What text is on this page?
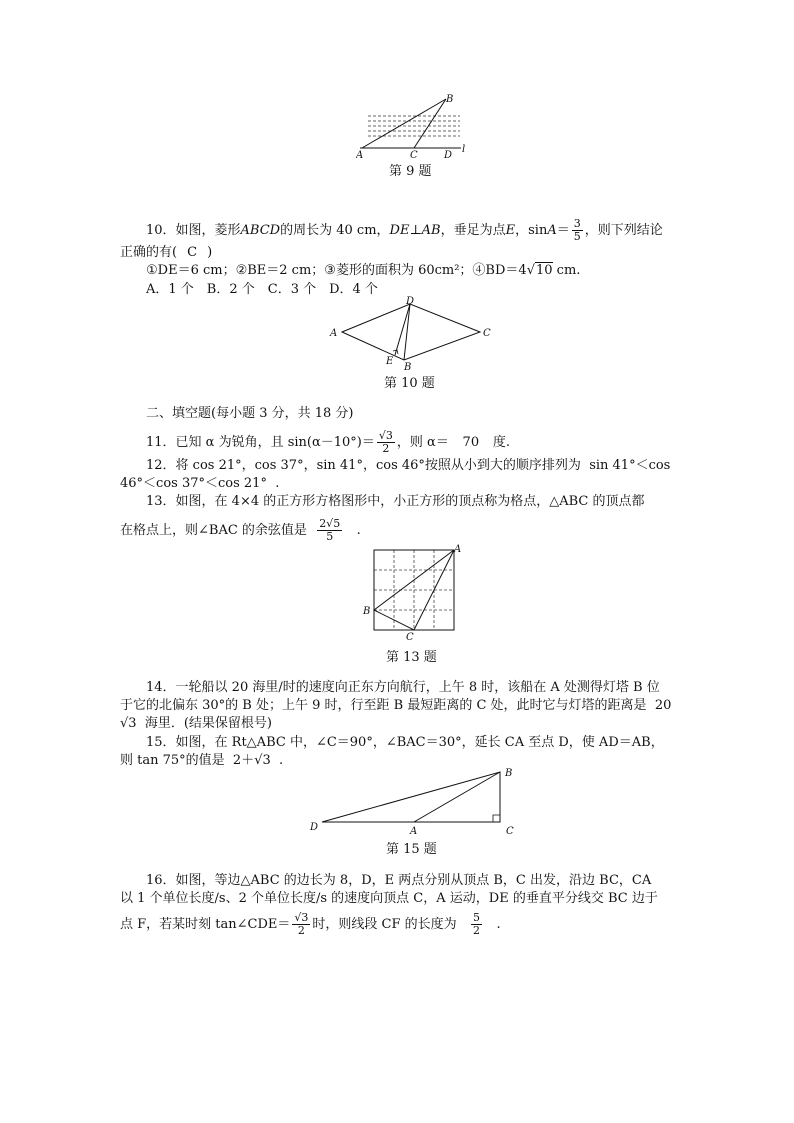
A
B
C	D
l
第 9 题
10．如图，菱形ABCD的周长为 40 cm，DE⊥AB，垂足为点E，$\sin A= \frac{3}{5}$ ，则下列结论
正确的有( C )
①DE＝6 cm；②BE＝2 cm；③菱形的面积为 60cm²；④BD＝4√10 cm.
A．1 个　B．2 个　C．3 个　D．4 个
A
D
C
E
B
第 10 题
二、填空题(每小题 3 分，共 18 分)
11．已知 α 为锐角，且 $\sin(\alpha-10^\circ)= \frac{√3}{2}$ ，则 α＝ 70 度.
12．将 cos 21°，cos 37°，sin 41°，cos 46°按照从小到大的顺序排列为 sin 41°＜cos
46°＜cos 37°＜cos 21° .
13．如图，在 4×4 的正方形方格图形中，小正方形的顶点称为格点，△ABC 的顶点都
在格点上，则∠BAC 的余弦值是 $\frac{2√5}{5}$ .
A
B
C
第 13 题
14．一轮船以 20 海里/时的速度向正东方向航行，上午 8 时，该船在 A 处测得灯塔 B 位
于它的北偏东 30°的 B 处；上午 9 时，行至距 B 最短距离的 C 处，此时它与灯塔的距离是 20
√3 海里．(结果保留根号)
15．如图，在 Rt△ABC 中，∠C＝90°，∠BAC＝30°，延长 CA 至点 D，使 AD＝AB，
则 tan 75°的值是 2＋√3 .
D	A
B
C
第 15 题
16．如图，等边△ABC 的边长为 8，D，E 两点分别从顶点 B，C 出发，沿边 BC，CA
以 1 个单位长度/s、2 个单位长度/s 的速度向顶点 C，A 运动，DE 的垂直平分线交 BC 边于
点 F，若某时刻 tan∠CDE＝ $\frac{√3}{2}$ 时，则线段 CF 的长度为 $\frac{5}{2}$ .
